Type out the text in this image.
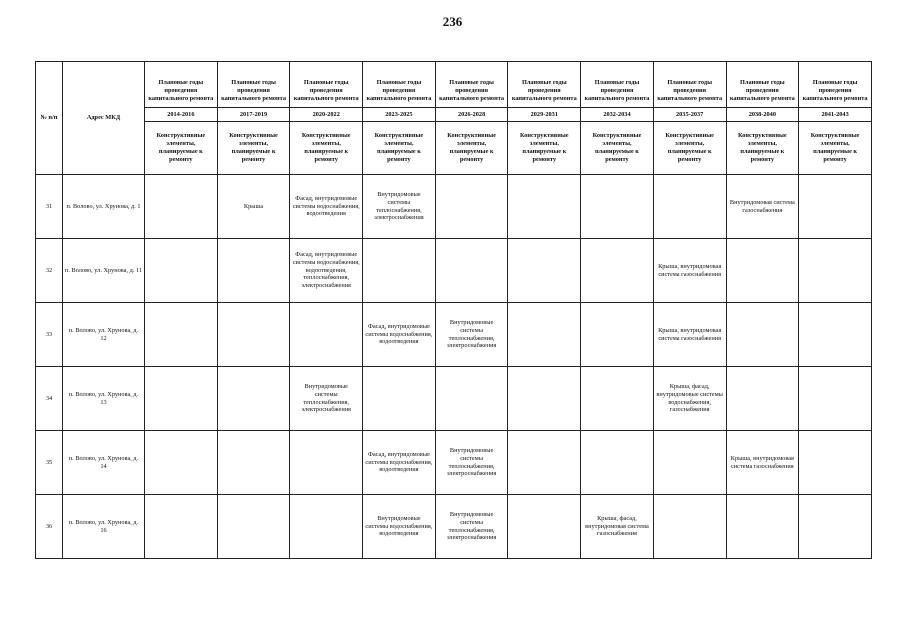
236
№ п/п	Адрес МКД	Плановые годы проведения капитального ремонта	Плановые годы проведения капитального ремонта	Плановые годы проведения капитального ремонта	Плановые годы проведения капитального ремонта	Плановые годы проведения капитального ремонта	Плановые годы проведения капитального ремонта	Плановые годы проведения капитального ремонта	Плановые годы проведения капитального ремонта	Плановые годы проведения капитального ремонта	Плановые годы проведения капитального ремонта
		2014-2016	2017-2019	2020-2022	2023-2025	2026-2028	2029-2031	2032-2034	2035-2037	2038-2040	2041-2043
		Конструктивные элементы, планируемые к ремонту	Конструктивные элементы, планируемые к ремонту	Конструктивные элементы, планируемые к ремонту	Конструктивные элементы, планируемые к ремонту	Конструктивные элементы, планируемые к ремонту	Конструктивные элементы, планируемые к ремонту	Конструктивные элементы, планируемые к ремонту	Конструктивные элементы, планируемые к ремонту	Конструктивные элементы, планируемые к ремонту	Конструктивные элементы, планируемые к ремонту
31	п. Волово, ул. Хрунова, д. 1		Крыша	Фасад, внутридомовые системы водоснабжения, водоотведения	Внутридомовые системы теплоснабжения, электроснабжения					Внутридомовая система газоснабжения	
32	п. Волово, ул. Хрунова, д. 11			Фасад, внутридомовые системы водоснабжения, водоотведения, теплоснабжения, электроснабжения					Крыша, внутридомовая система газоснабжения		
33	п. Волово, ул. Хрунова, д. 12				Фасад, внутридомовые системы водоснабжения, водоотведения	Внутридомовые системы теплоснабжения, электроснабжения			Крыша, внутридомовая система газоснабжения		
34	п. Волово, ул. Хрунова, д. 13			Внутридомовые системы теплоснабжения, электроснабжения					Крыша, фасад, внутридомовые системы водоснабжения, газоснабжения		
35	п. Волово, ул. Хрунова, д. 14				Фасад, внутридомовые системы водоснабжения, водоотведения	Внутридомовые системы теплоснабжения, электроснабжения				Крыша, внутридомовая система газоснабжения	
36	п. Волово, ул. Хрунова, д. 16				Внутридомовые системы водоснабжения, водоотведения	Внутридомовые системы теплоснабжения, электроснабжения		Крыша, фасад, внутридомовая система газоснабжения			
